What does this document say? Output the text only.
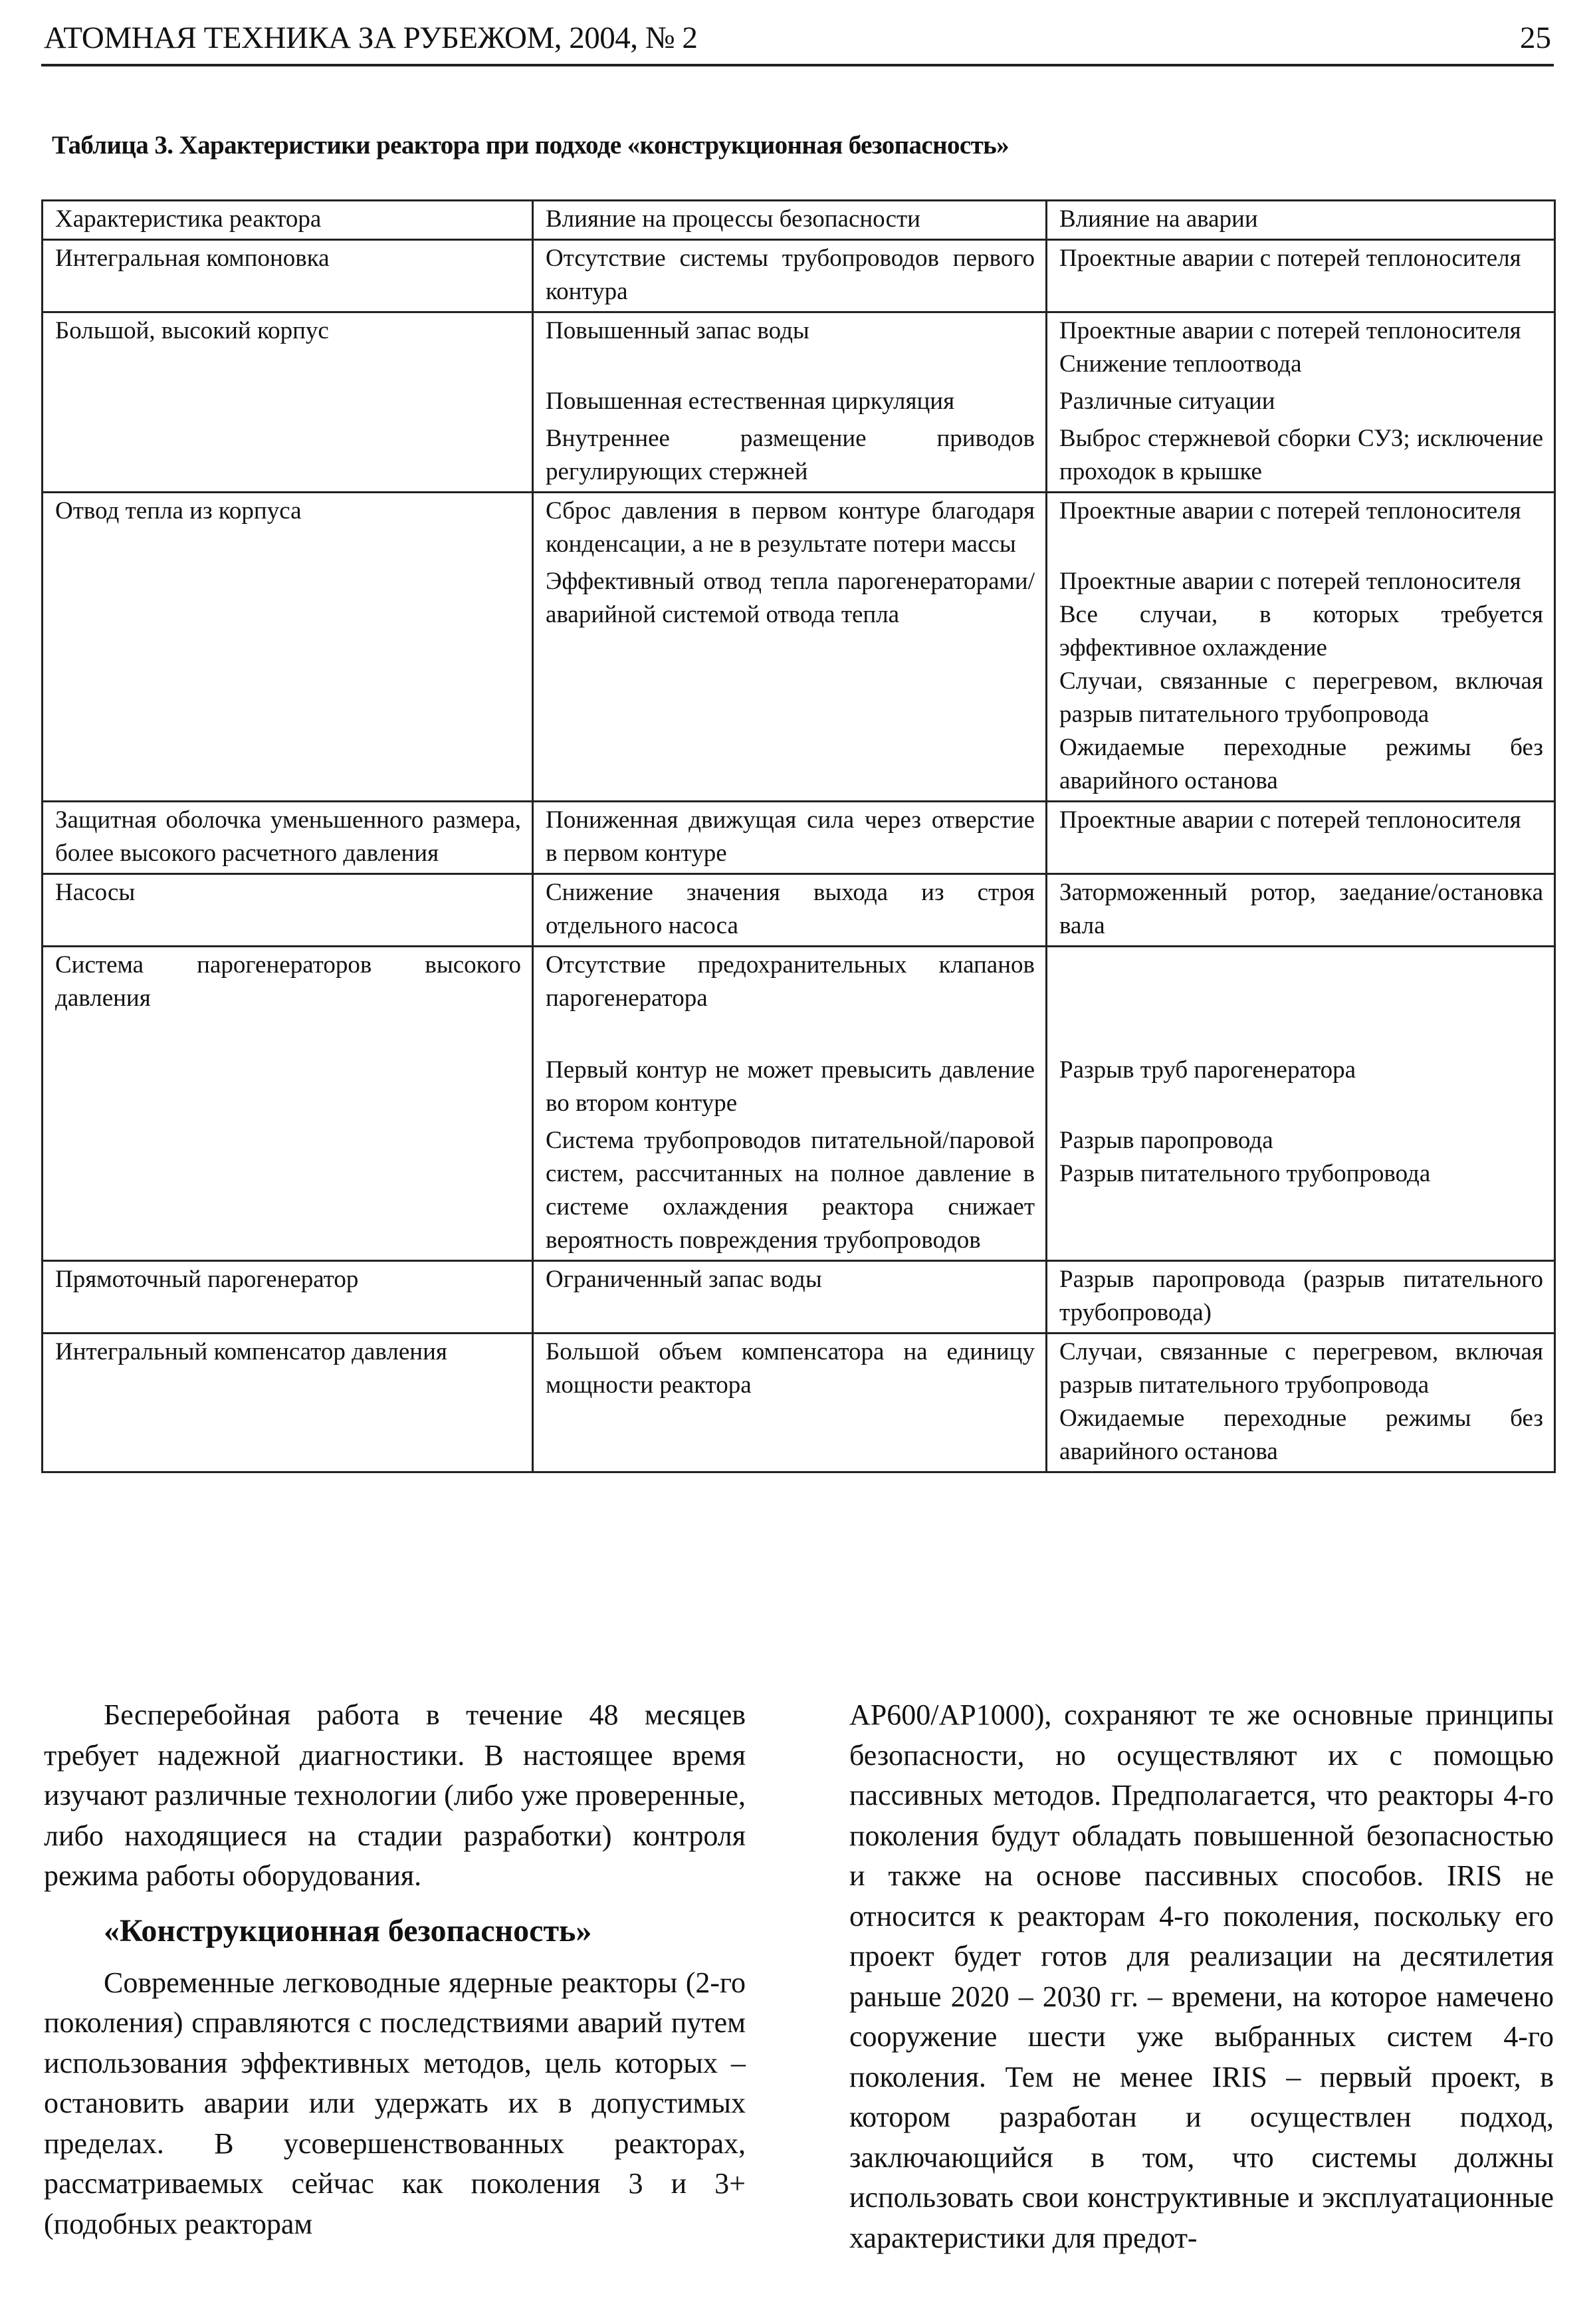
АТОМНАЯ ТЕХНИКА ЗА РУБЕЖОМ, 2004, № 2	25
Таблица 3. Характеристики реактора при подходе «конструкционная безопасность»
Характеристика реактора	Влияние на процессы безопасности	Влияние на аварии
Интегральная компоновка	Отсутствие системы трубопроводов первого контура	Проектные аварии с потерей теплоносителя

Большой, высокий корпус	Повышенный запас воды	Проектные аварии с потерей теплоносителя
Снижение теплоотвода

	Повышенная естественная циркуляция	Различные ситуации

	Внутреннее размещение приводов регулирующих стержней	Выброс стержневой сборки СУЗ; исключение проходок в крышке

Отвод тепла из корпуса	Сброс давления в первом контуре благодаря конденсации, а не в результате потери массы	Проектные аварии с потерей теплоносителя

	Эффективный отвод тепла парогенераторами/аварийной системой отвода тепла	Проектные аварии с потерей теплоносителя
Все случаи, в которых требуется эффективное охлаждение
Случаи, связанные с перегревом, включая разрыв питательного трубопровода
Ожидаемые переходные режимы без аварийного останова

Защитная оболочка уменьшенного размера, более высокого расчетного давления	Пониженная движущая сила через отверстие в первом контуре	Проектные аварии с потерей теплоносителя

Насосы	Снижение значения выхода из строя отдельного насоса	Заторможенный ротор, заедание/остановка вала

Система парогенераторов высокого давления	Отсутствие предохранительных клапанов парогенератора	
	Первый контур не может превысить давление во втором контуре	Разрыв труб парогенератора

	Система трубопроводов питательной/паровой систем, рассчитанных на полное давление в системе охлаждения реактора снижает вероятность повреждения трубопроводов	Разрыв паропровода
Разрыв питательного трубопровода

Прямоточный парогенератор	Ограниченный запас воды	Разрыв паропровода (разрыв питательного трубопровода)

Интегральный компенсатор давления	Большой объем компенсатора на единицу мощности реактора	Случаи, связанные с перегревом, включая разрыв питательного трубопровода
Ожидаемые переходные режимы без аварийного останова

Бесперебойная работа в течение 48 месяцев требует надежной диагностики. В настоящее время изучают различные технологии (либо уже проверенные, либо находящиеся на стадии разработки) контроля режима работы оборудования.

«Конструкционная безопасность»

Современные легководные ядерные реакторы (2-го поколения) справляются с последствиями аварий путем использования эффективных методов, цель которых – остановить аварии или удержать их в допустимых пределах. В усовершенствованных реакторах, рассматриваемых сейчас как поколения 3 и 3+ (подобных реакторам

AP600/AP1000), сохраняют те же основные принципы безопасности, но осуществляют их с помощью пассивных методов. Предполагается, что реакторы 4-го поколения будут обладать повышенной безопасностью и также на основе пассивных способов. IRIS не относится к реакторам 4-го поколения, поскольку его проект будет готов для реализации на десятилетия раньше 2020 – 2030 гг. – времени, на которое намечено сооружение шести уже выбранных систем 4-го поколения. Тем не менее IRIS – первый проект, в котором разработан и осуществлен подход, заключающийся в том, что системы должны использовать свои конструктивные и эксплуатационные характеристики для предот-
